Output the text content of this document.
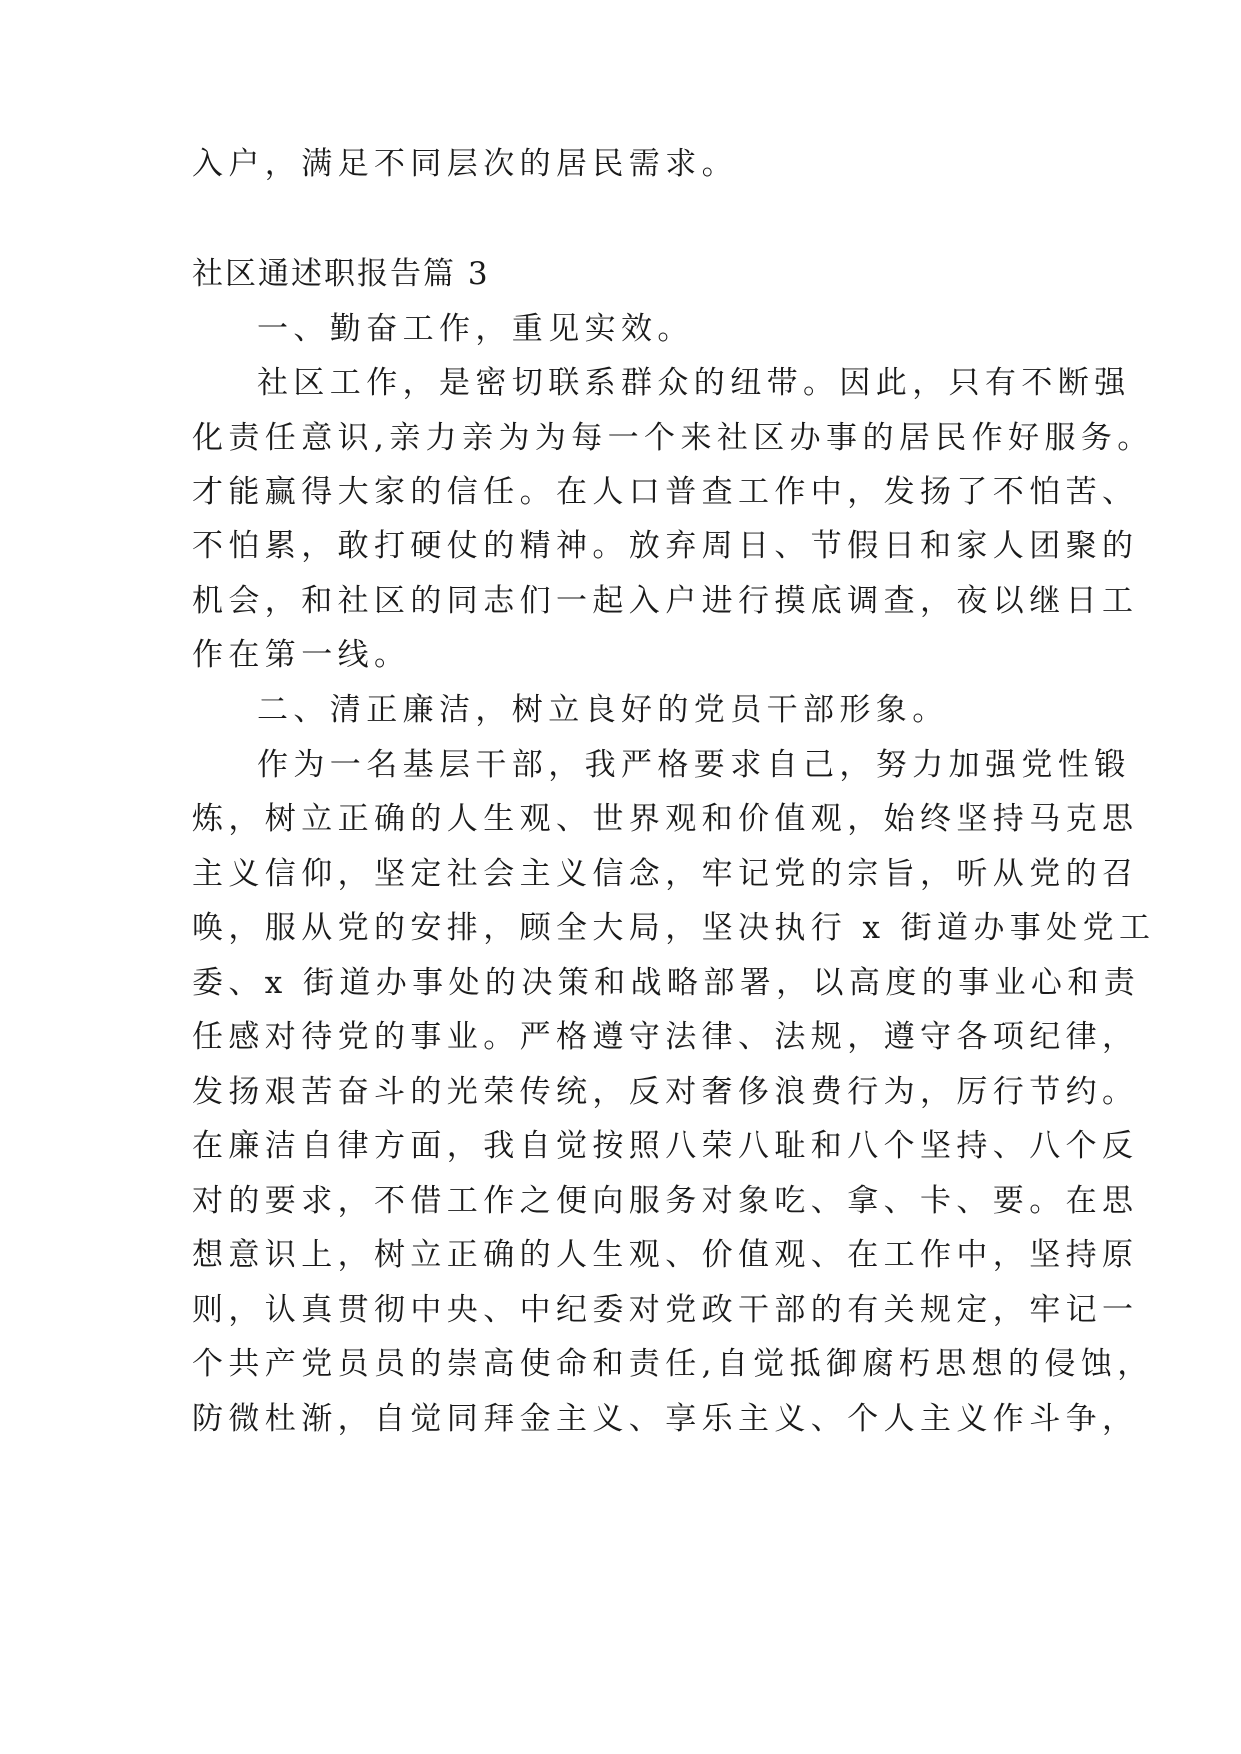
入户，满足不同层次的居民需求。
社区通述职报告篇 3
一、勤奋工作，重见实效。
社区工作，是密切联系群众的纽带。因此，只有不断强
化责任意识,亲力亲为为每一个来社区办事的居民作好服务。
才能赢得大家的信任。在人口普查工作中，发扬了不怕苦、
不怕累，敢打硬仗的精神。放弃周日、节假日和家人团聚的
机会，和社区的同志们一起入户进行摸底调查，夜以继日工
作在第一线。
二、清正廉洁，树立良好的党员干部形象。
作为一名基层干部，我严格要求自己，努力加强党性锻
炼，树立正确的人生观、世界观和价值观，始终坚持马克思
主义信仰，坚定社会主义信念，牢记党的宗旨，听从党的召
唤，服从党的安排，顾全大局，坚决执行 x 街道办事处党工
委、x 街道办事处的决策和战略部署，以高度的事业心和责
任感对待党的事业。严格遵守法律、法规，遵守各项纪律，
发扬艰苦奋斗的光荣传统，反对奢侈浪费行为，厉行节约。
在廉洁自律方面，我自觉按照八荣八耻和八个坚持、八个反
对的要求，不借工作之便向服务对象吃、拿、卡、要。在思
想意识上，树立正确的人生观、价值观、在工作中，坚持原
则，认真贯彻中央、中纪委对党政干部的有关规定，牢记一
个共产党员员的崇高使命和责任,自觉抵御腐朽思想的侵蚀，
防微杜渐，自觉同拜金主义、享乐主义、个人主义作斗争，
